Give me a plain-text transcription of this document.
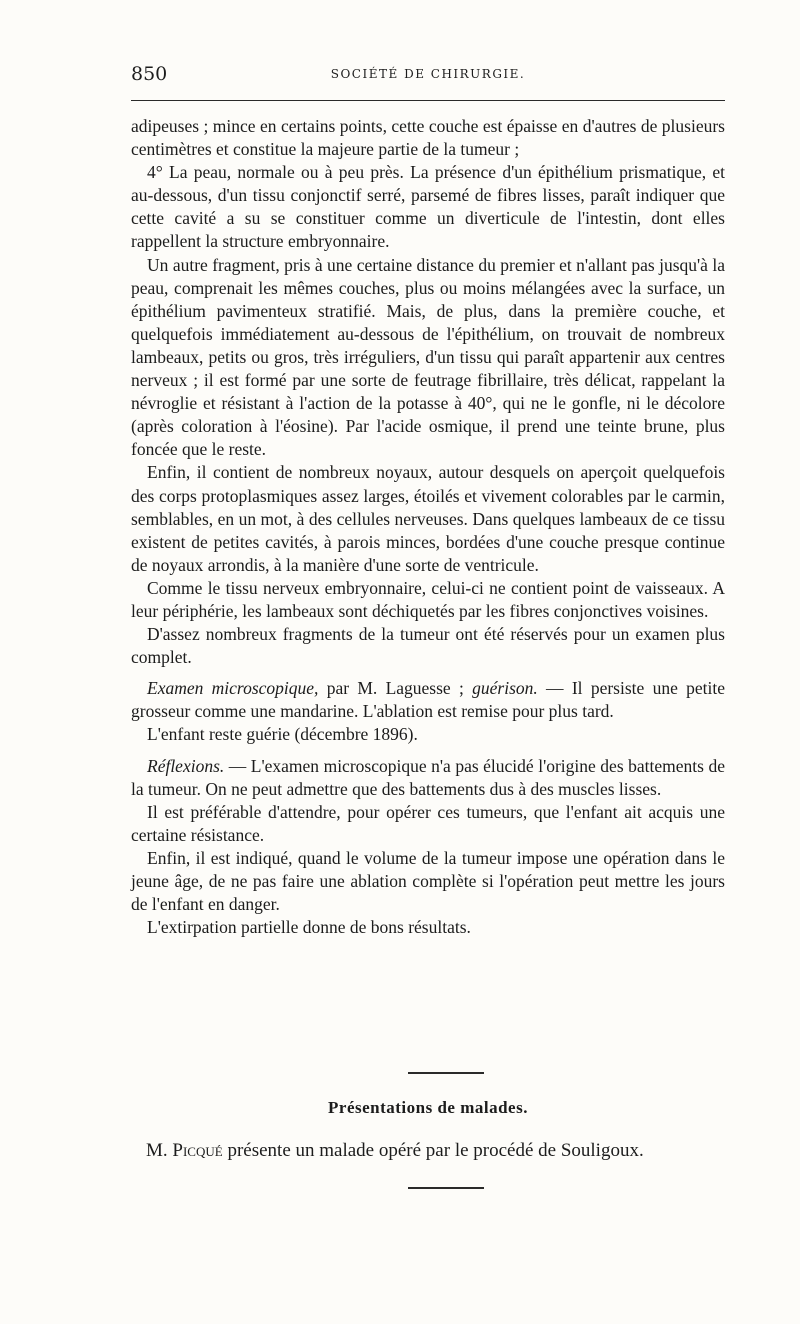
850	SOCIÉTÉ DE CHIRURGIE.

adipeuses ; mince en certains points, cette couche est épaisse en d'autres de plusieurs centimètres et constitue la majeure partie de la tumeur ;

4° La peau, normale ou à peu près. La présence d'un épithélium prismatique, et au-dessous, d'un tissu conjonctif serré, parsemé de fibres lisses, paraît indiquer que cette cavité a su se constituer comme un diverticule de l'intestin, dont elles rappellent la structure embryonnaire.

Un autre fragment, pris à une certaine distance du premier et n'allant pas jusqu'à la peau, comprenait les mêmes couches, plus ou moins mélangées avec la surface, un épithélium pavimenteux stratifié. Mais, de plus, dans la première couche, et quelquefois immédiatement au-dessous de l'épithélium, on trouvait de nombreux lambeaux, petits ou gros, très irréguliers, d'un tissu qui paraît appartenir aux centres nerveux ; il est formé par une sorte de feutrage fibrillaire, très délicat, rappelant la névroglie et résistant à l'action de la potasse à 40°, qui ne le gonfle, ni le décolore (après coloration à l'éosine). Par l'acide osmique, il prend une teinte brune, plus foncée que le reste.

Enfin, il contient de nombreux noyaux, autour desquels on aperçoit quelquefois des corps protoplasmiques assez larges, étoilés et vivement colorables par le carmin, semblables, en un mot, à des cellules nerveuses. Dans quelques lambeaux de ce tissu existent de petites cavités, à parois minces, bordées d'une couche presque continue de noyaux arrondis, à la manière d'une sorte de ventricule.

Comme le tissu nerveux embryonnaire, celui-ci ne contient point de vaisseaux. A leur périphérie, les lambeaux sont déchiquetés par les fibres conjonctives voisines.

D'assez nombreux fragments de la tumeur ont été réservés pour un examen plus complet.

Examen microscopique, par M. Laguesse ; guérison. — Il persiste une petite grosseur comme une mandarine. L'ablation est remise pour plus tard.

L'enfant reste guérie (décembre 1896).

Réflexions. — L'examen microscopique n'a pas élucidé l'origine des battements de la tumeur. On ne peut admettre que des battements dus à des muscles lisses.

Il est préférable d'attendre, pour opérer ces tumeurs, que l'enfant ait acquis une certaine résistance.

Enfin, il est indiqué, quand le volume de la tumeur impose une opération dans le jeune âge, de ne pas faire une ablation complète si l'opération peut mettre les jours de l'enfant en danger.

L'extirpation partielle donne de bons résultats.

Présentations de malades.
M. Picqué présente un malade opéré par le procédé de Souligoux.
